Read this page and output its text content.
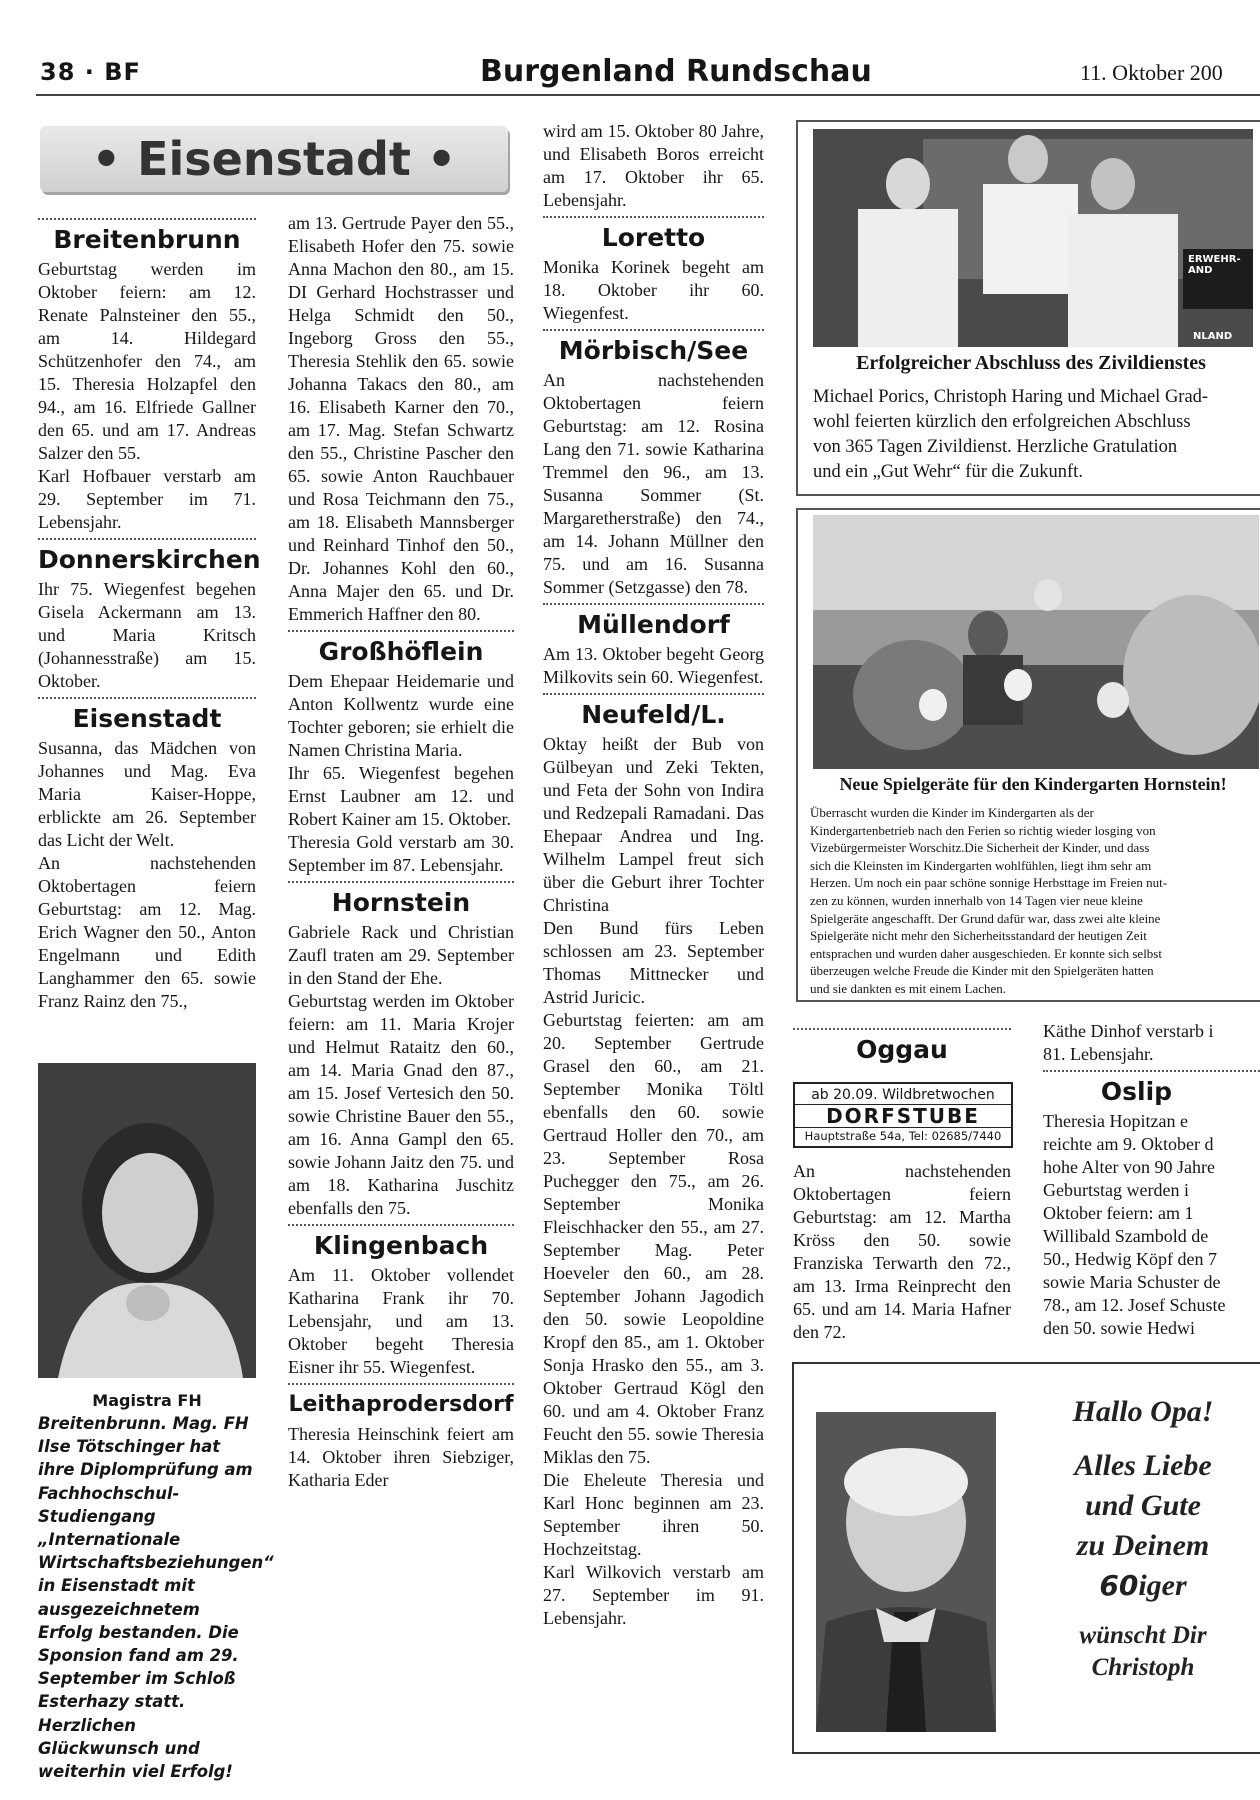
38 · BF	Burgenland Rundschau	11. Oktober 200
• Eisenstadt •
Breitenbrunn

Geburtstag werden im Oktober feiern: am 12. Renate Palnsteiner den 55., am 14. Hildegard Schützenhofer den 74., am 15. Theresia Holzapfel den 94., am 16. Elfriede Gallner den 65. und am 17. Andreas Salzer den 55.

Karl Hofbauer verstarb am 29. September im 71. Lebensjahr.

Donnerskirchen

Ihr 75. Wiegenfest begehen Gisela Ackermann am 13. und Maria Kritsch (Johannesstraße) am 15. Oktober.

Eisenstadt

Susanna, das Mädchen von Johannes und Mag. Eva Maria Kaiser-Hoppe, erblickte am 26. September das Licht der Welt.

An nachstehenden Oktobertagen feiern Geburtstag: am 12. Mag. Erich Wagner den 50., Anton Engelmann und Edith Langhammer den 65. sowie Franz Rainz den 75.,

Magistra FH
Breitenbrunn. Mag. FH Ilse Tötschinger hat ihre Diplomprüfung am Fachhochschul-Studiengang „Internationale Wirtschaftsbeziehungen“ in Eisenstadt mit ausgezeichnetem Erfolg bestanden. Die Sponsion fand am 29. September im Schloß Esterhazy statt. Herzlichen Glückwunsch und weiterhin viel Erfolg!

am 13. Gertrude Payer den 55., Elisabeth Hofer den 75. sowie Anna Machon den 80., am 15. DI Gerhard Hochstrasser und Helga Schmidt den 50., Ingeborg Gross den 55., Theresia Stehlik den 65. sowie Johanna Takacs den 80., am 16. Elisabeth Karner den 70., am 17. Mag. Stefan Schwartz den 55., Christine Pascher den 65. sowie Anton Rauchbauer und Rosa Teichmann den 75., am 18. Elisabeth Mannsberger und Reinhard Tinhof den 50., Dr. Johannes Kohl den 60., Anna Majer den 65. und Dr. Emmerich Haffner den 80.

Großhöflein

Dem Ehepaar Heidemarie und Anton Kollwentz wurde eine Tochter geboren; sie erhielt die Namen Christina Maria.

Ihr 65. Wiegenfest begehen Ernst Laubner am 12. und Robert Kainer am 15. Oktober.

Theresia Gold verstarb am 30. September im 87. Lebensjahr.

Hornstein

Gabriele Rack und Christian Zaufl traten am 29. September in den Stand der Ehe.

Geburtstag werden im Oktober feiern: am 11. Maria Krojer und Helmut Rataitz den 60., am 14. Maria Gnad den 87., am 15. Josef Vertesich den 50. sowie Christine Bauer den 55., am 16. Anna Gampl den 65. sowie Johann Jaitz den 75. und am 18. Katharina Juschitz ebenfalls den 75.

Klingenbach

Am 11. Oktober vollendet Katharina Frank ihr 70. Lebensjahr, und am 13. Oktober begeht Theresia Eisner ihr 55. Wiegenfest.

Leithaprodersdorf

Theresia Heinschink feiert am 14. Oktober ihren Siebziger, Katharia Eder

wird am 15. Oktober 80 Jahre, und Elisabeth Boros erreicht am 17. Oktober ihr 65. Lebensjahr.

Loretto

Monika Korinek begeht am 18. Oktober ihr 60. Wiegenfest.

Mörbisch/See

An nachstehenden Oktobertagen feiern Geburtstag: am 12. Rosina Lang den 71. sowie Katharina Tremmel den 96., am 13. Susanna Sommer (St. Margaretherstraße) den 74., am 14. Johann Müllner den 75. und am 16. Susanna Sommer (Setzgasse) den 78.

Müllendorf

Am 13. Oktober begeht Georg Milkovits sein 60. Wiegenfest.

Neufeld/L.

Oktay heißt der Bub von Gülbeyan und Zeki Tekten, und Feta der Sohn von Indira und Redzepali Ramadani. Das Ehepaar Andrea und Ing. Wilhelm Lampel freut sich über die Geburt ihrer Tochter Christina

Den Bund fürs Leben schlossen am 23. September Thomas Mittnecker und Astrid Juricic.

Geburtstag feierten: am am 20. September Gertrude Grasel den 60., am 21. September Monika Töltl ebenfalls den 60. sowie Gertraud Holler den 70., am 23. September Rosa Puchegger den 75., am 26. September Monika Fleischhacker den 55., am 27. September Mag. Peter Hoeveler den 60., am 28. September Johann Jagodich den 50. sowie Leopoldine Kropf den 85., am 1. Oktober Sonja Hrasko den 55., am 3. Oktober Gertraud Kögl den 60. und am 4. Oktober Franz Feucht den 55. sowie Theresia Miklas den 75.

Die Eheleute Theresia und Karl Honc beginnen am 23. September ihren 50. Hochzeitstag.

Karl Wilkovich verstarb am 27. September im 91. Lebensjahr.

ERWEHR- AND
NLAND
Erfolgreicher Abschluss des Zivildienstes
Michael Porics, Christoph Haring und Michael Grad-
wohl feierten kürzlich den erfolgreichen Abschluss
von 365 Tagen Zivildienst. Herzliche Gratulation
und ein „Gut Wehr“ für die Zukunft.
Neue Spielgeräte für den Kindergarten Hornstein!
Überrascht wurden die Kinder im Kindergarten als der
Kindergartenbetrieb nach den Ferien so richtig wieder losging von
Vizebürgermeister Worschitz.Die Sicherheit der Kinder, und dass
sich die Kleinsten im Kindergarten wohlfühlen, liegt ihm sehr am
Herzen. Um noch ein paar schöne sonnige Herbsttage im Freien nut-
zen zu können, wurden innerhalb von 14 Tagen vier neue kleine
Spielgeräte angeschafft. Der Grund dafür war, dass zwei alte kleine
Spielgeräte nicht mehr den Sicherheitsstandard der heutigen Zeit
entsprachen und wurden daher ausgeschieden. Er konnte sich selbst
überzeugen welche Freude die Kinder mit den Spielgeräten hatten
und sie dankten es mit einem Lachen.
Oggau
ab 20.09. Wildbretwochen
DORFSTUBE
Hauptstraße 54a, Tel: 02685/7440

An nachstehenden Oktobertagen feiern Geburtstag: am 12. Martha Kröss den 50. sowie Franziska Terwarth den 72., am 13. Irma Reinprecht den 65. und am 14. Maria Hafner den 72.

Käthe Dinhof verstarb i
81. Lebensjahr.
Oslip
Theresia Hopitzan e
reichte am 9. Oktober d
hohe Alter von 90 Jahre
Geburtstag werden i
Oktober feiern: am 1
Willibald Szambold de
50., Hedwig Köpf den 7
sowie Maria Schuster de
78., am 12. Josef Schuste
den 50. sowie Hedwi
Hallo Opa!
Alles Liebe
und Gute
zu Deinem
60iger
wünscht Dir
Christoph
